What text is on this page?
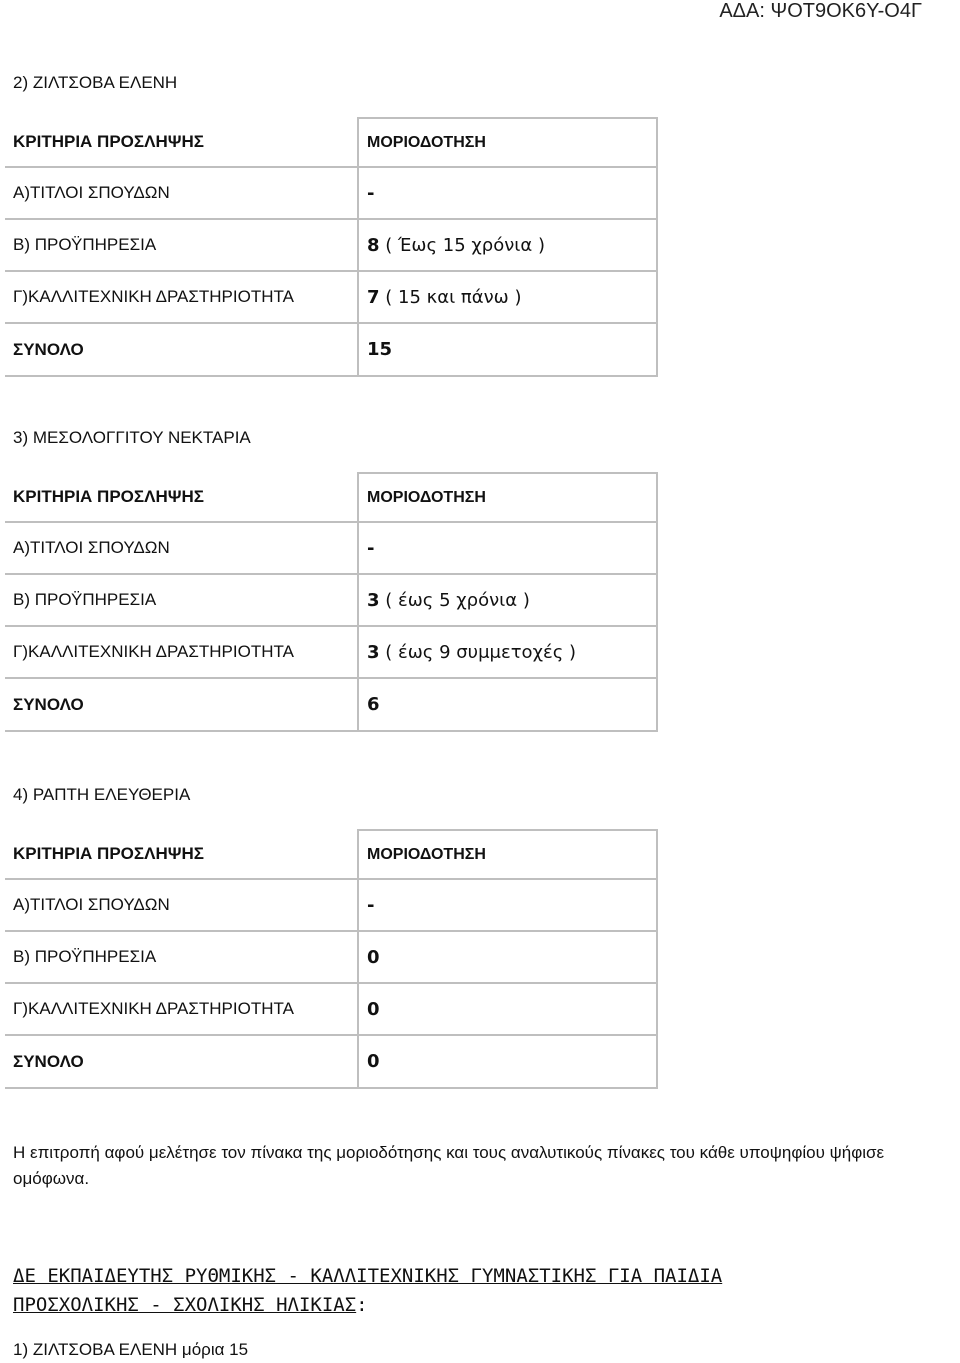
ΑΔΑ: ΨΟΤ9ΟΚ6Υ-Ο4Γ
2) ΖΙΛΤΣΟΒΑ ΕΛΕΝΗ
ΚΡΙΤΗΡΙΑ ΠΡΟΣΛΗΨΗΣ	ΜΟΡΙΟΔΟΤΗΣΗ
Α)ΤΙΤΛΟΙ ΣΠΟΥΔΩΝ	-
Β) ΠΡΟΫΠΗΡΕΣΙΑ	8 ( Έως 15 χρόνια )
Γ)ΚΑΛΛΙΤΕΧΝΙΚΗ ΔΡΑΣΤΗΡΙΟΤΗΤΑ	7 ( 15 και πάνω )
ΣΥΝΟΛΟ	15
3) ΜΕΣΟΛΟΓΓΙΤΟΥ ΝΕΚΤΑΡΙΑ
ΚΡΙΤΗΡΙΑ ΠΡΟΣΛΗΨΗΣ	ΜΟΡΙΟΔΟΤΗΣΗ
Α)ΤΙΤΛΟΙ ΣΠΟΥΔΩΝ	-
Β) ΠΡΟΫΠΗΡΕΣΙΑ	3 ( έως 5 χρόνια )
Γ)ΚΑΛΛΙΤΕΧΝΙΚΗ ΔΡΑΣΤΗΡΙΟΤΗΤΑ	3 ( έως 9 συμμετοχές )
ΣΥΝΟΛΟ	6
4) ΡΑΠΤΗ ΕΛΕΥΘΕΡΙΑ
ΚΡΙΤΗΡΙΑ ΠΡΟΣΛΗΨΗΣ	ΜΟΡΙΟΔΟΤΗΣΗ
Α)ΤΙΤΛΟΙ ΣΠΟΥΔΩΝ	-
Β) ΠΡΟΫΠΗΡΕΣΙΑ	0
Γ)ΚΑΛΛΙΤΕΧΝΙΚΗ ΔΡΑΣΤΗΡΙΟΤΗΤΑ	0
ΣΥΝΟΛΟ	0
Η επιτροπή αφού μελέτησε τον πίνακα της μοριοδότησης και τους αναλυτικούς πίνακες του κάθε υποψηφίου ψήφισε ομόφωνα.
ΔΕ ΕΚΠΑΙΔΕΥΤΗΣ ΡΥΘΜΙΚΗΣ - ΚΑΛΛΙΤΕΧΝΙΚΗΣ ΓΥΜΝΑΣΤΙΚΗΣ ΓΙΑ ΠΑΙΔΙΑ
ΠΡΟΣΧΟΛΙΚΗΣ - ΣΧΟΛΙΚΗΣ ΗΛΙΚΙΑΣ:
1) ΖΙΛΤΣΟΒΑ ΕΛΕΝΗ μόρια 15
